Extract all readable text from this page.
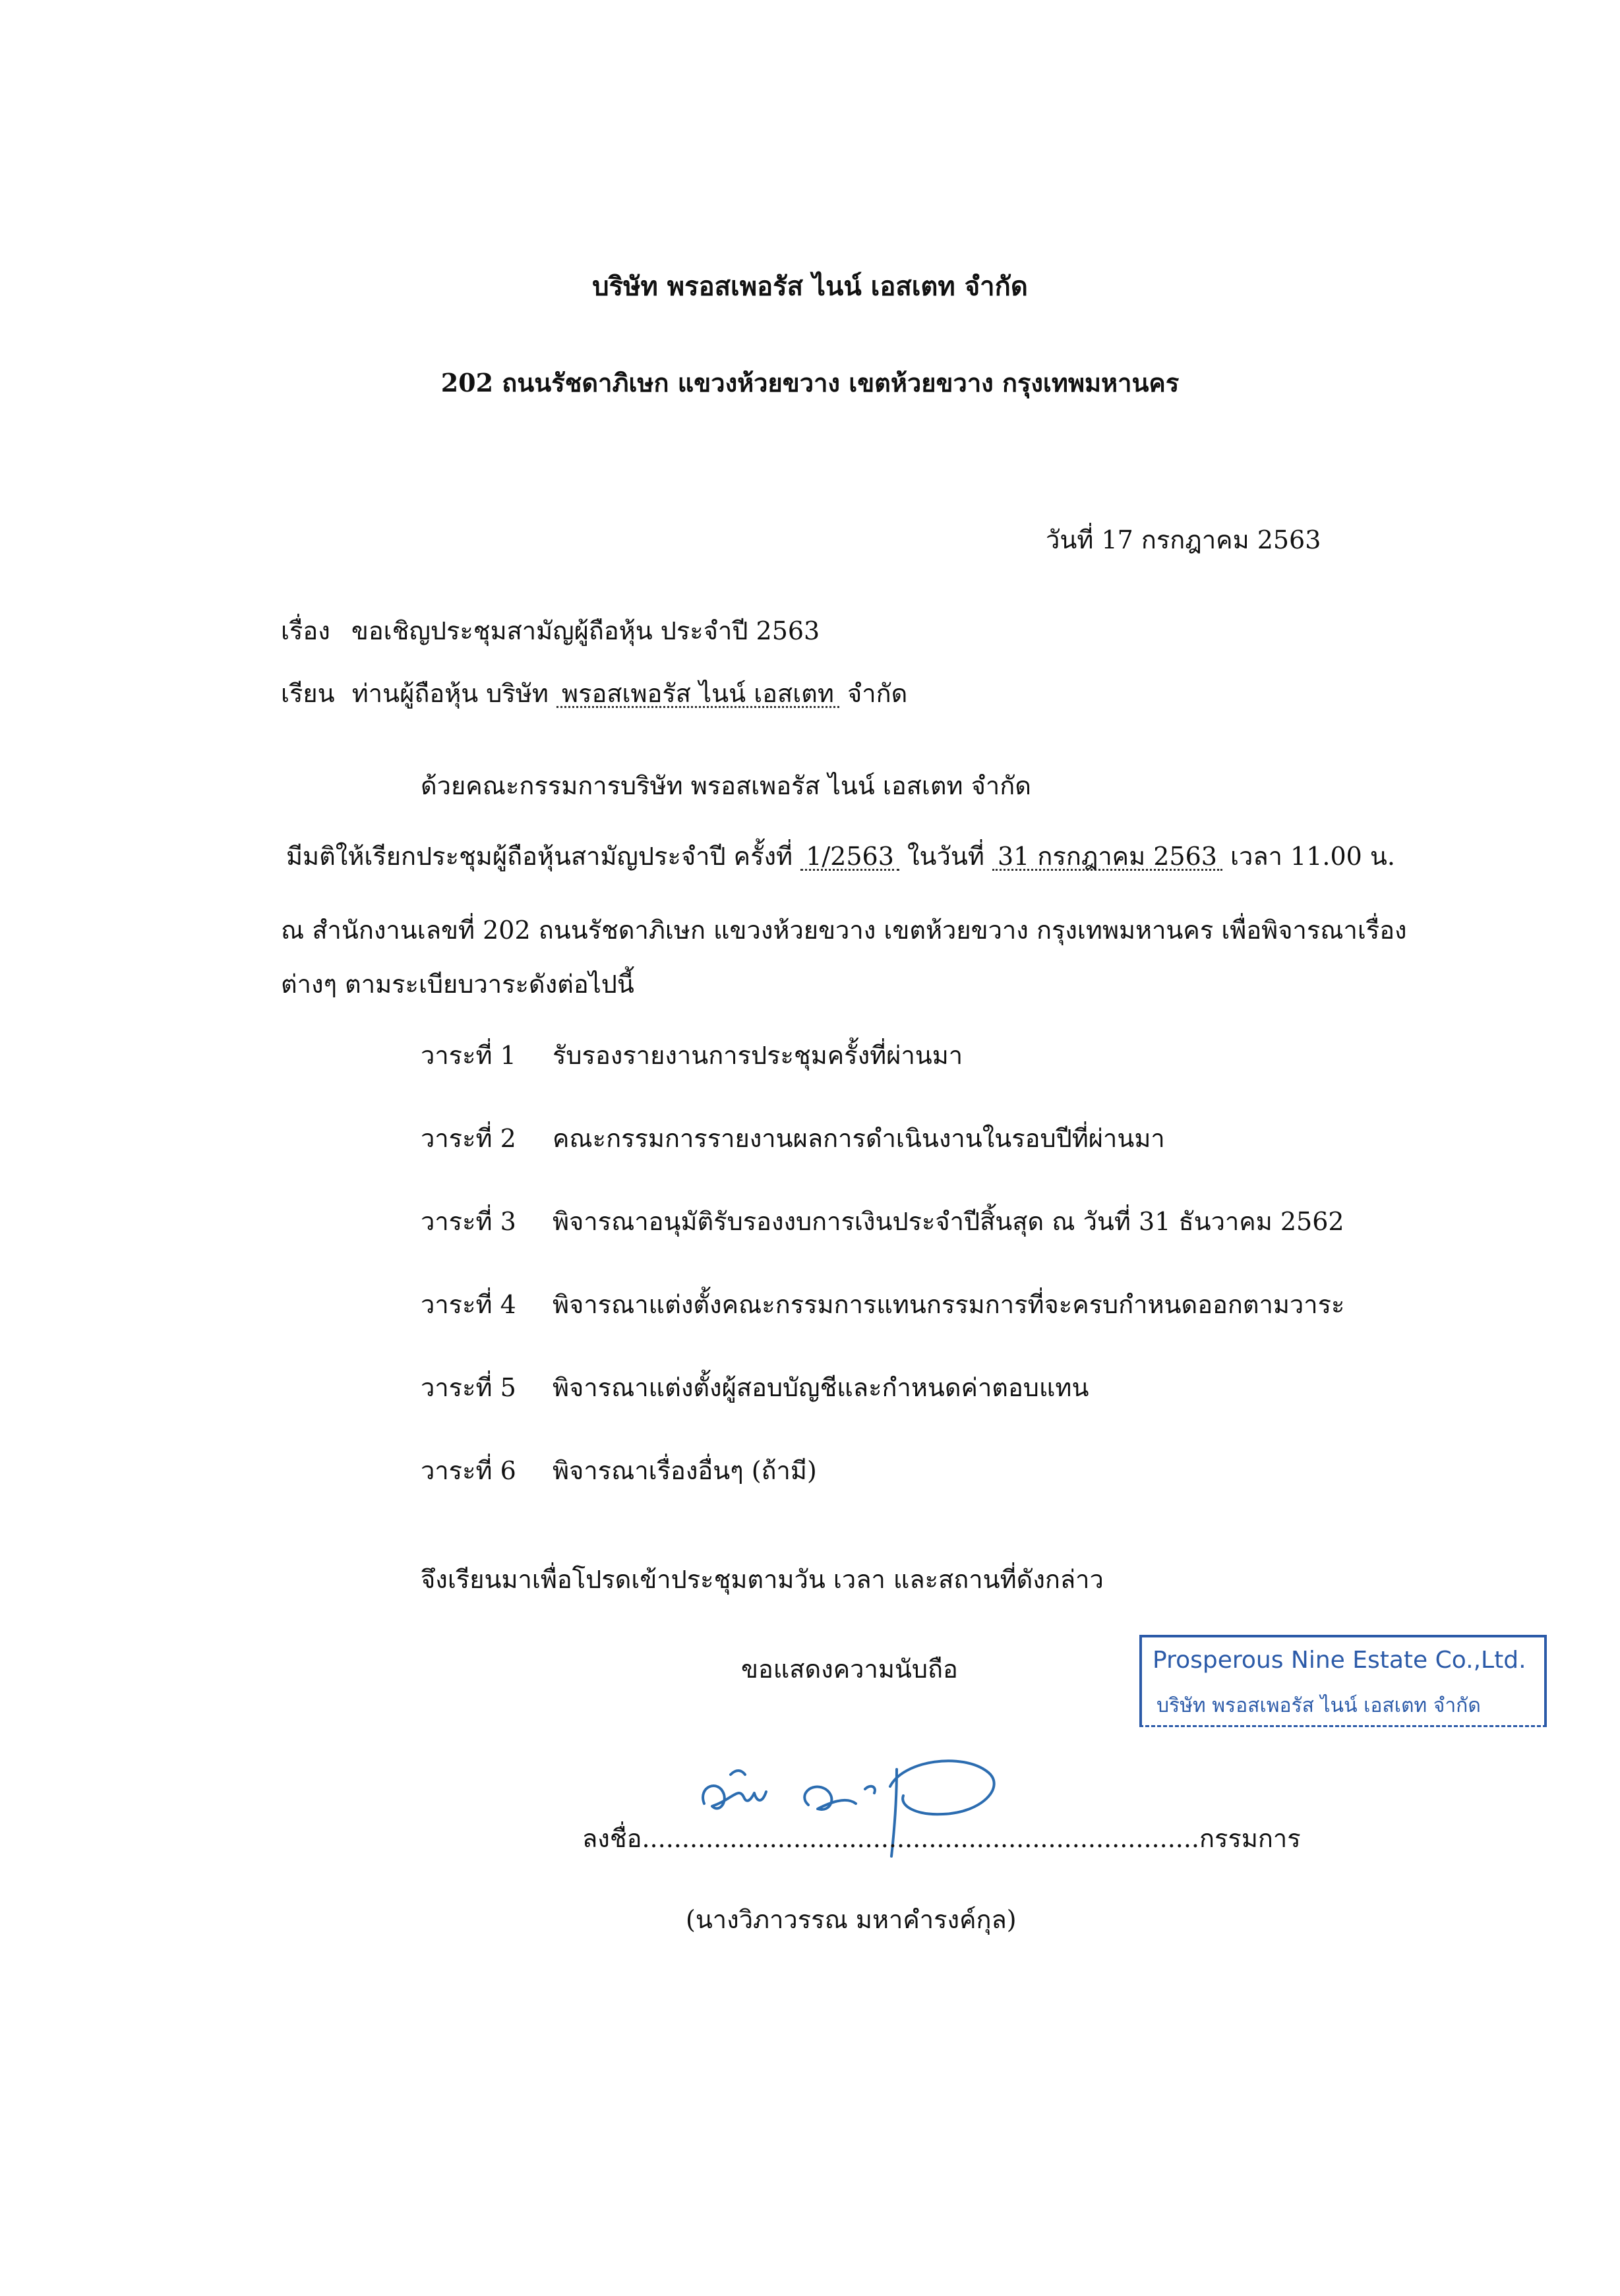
บริษัท พรอสเพอรัส ไนน์ เอสเตท จำกัด
202 ถนนรัชดาภิเษก แขวงห้วยขวาง เขตห้วยขวาง กรุงเทพมหานคร
วันที่ 17 กรกฎาคม 2563
เรื่อง ขอเชิญประชุมสามัญผู้ถือหุ้น ประจำปี 2563
เรียน ท่านผู้ถือหุ้น บริษัท พรอสเพอรัส ไนน์ เอสเตท จำกัด
ด้วยคณะกรรมการบริษัท พรอสเพอรัส ไนน์ เอสเตท จำกัด
มีมติให้เรียกประชุมผู้ถือหุ้นสามัญประจำปี ครั้งที่ 1/2563 ในวันที่ 31 กรกฎาคม 2563 เวลา 11.00 น.
ณ สำนักงานเลขที่ 202 ถนนรัชดาภิเษก แขวงห้วยขวาง เขตห้วยขวาง กรุงเทพมหานคร เพื่อพิจารณาเรื่อง
ต่างๆ ตามระเบียบวาระดังต่อไปนี้
วาระที่ 1 รับรองรายงานการประชุมครั้งที่ผ่านมา
วาระที่ 2 คณะกรรมการรายงานผลการดำเนินงานในรอบปีที่ผ่านมา
วาระที่ 3 พิจารณาอนุมัติรับรองงบการเงินประจำปีสิ้นสุด ณ วันที่ 31 ธันวาคม 2562
วาระที่ 4 พิจารณาแต่งตั้งคณะกรรมการแทนกรรมการที่จะครบกำหนดออกตามวาระ
วาระที่ 5 พิจารณาแต่งตั้งผู้สอบบัญชีและกำหนดค่าตอบแทน
วาระที่ 6 พิจารณาเรื่องอื่นๆ (ถ้ามี)
จึงเรียนมาเพื่อโปรดเข้าประชุมตามวัน เวลา และสถานที่ดังกล่าว
ขอแสดงความนับถือ	Prosperous Nine Estate Co.,Ltd.
บริษัท พรอสเพอรัส ไนน์ เอสเตท จำกัด
ลงชื่อ......................................................................กรรมการ
(นางวิภาวรรณ มหาคำรงค์กุล)
